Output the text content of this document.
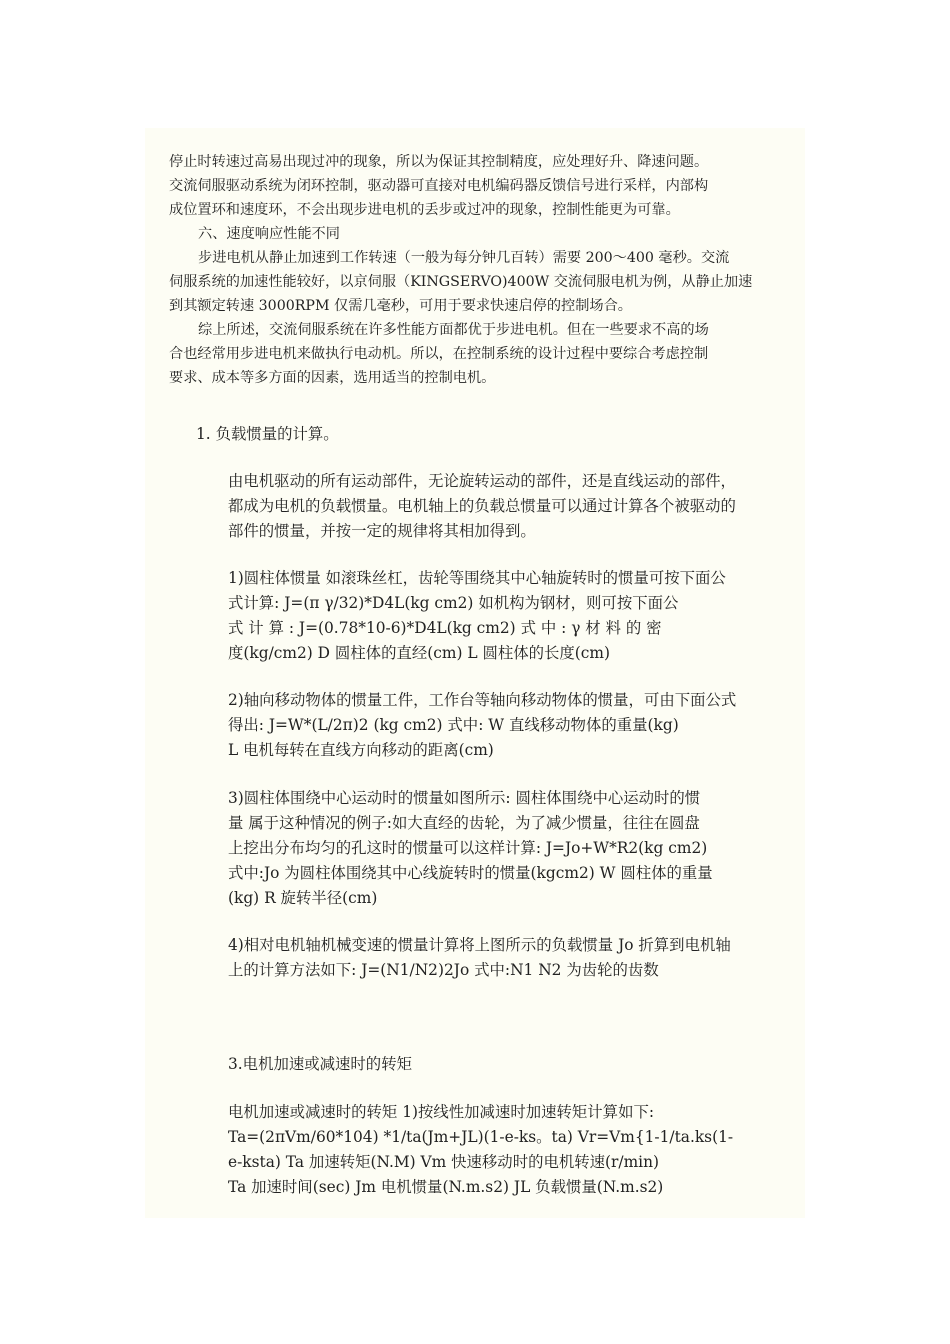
停止时转速过高易出现过冲的现象，所以为保证其控制精度，应处理好升、降速问题。

交流伺服驱动系统为闭环控制，驱动器可直接对电机编码器反馈信号进行采样，内部构

成位置环和速度环，不会出现步进电机的丢步或过冲的现象，控制性能更为可靠。

六、速度响应性能不同

步进电机从静止加速到工作转速（一般为每分钟几百转）需要 200～400 毫秒。交流

伺服系统的加速性能较好，以京伺服（KINGSERVO)400W 交流伺服电机为例，从静止加速

到其额定转速 3000RPM 仅需几毫秒，可用于要求快速启停的控制场合。

综上所述，交流伺服系统在许多性能方面都优于步进电机。但在一些要求不高的场

合也经常用步进电机来做执行电动机。所以，在控制系统的设计过程中要综合考虑控制

要求、成本等多方面的因素，选用适当的控制电机。

1. 负载惯量的计算。

由电机驱动的所有运动部件，无论旋转运动的部件，还是直线运动的部件，

都成为电机的负载惯量。电机轴上的负载总惯量可以通过计算各个被驱动的

部件的惯量，并按一定的规律将其相加得到。

1)圆柱体惯量 如滚珠丝杠，齿轮等围绕其中心轴旋转时的惯量可按下面公

式计算: J=(π γ/32)*D4L(kg cm2) 如机构为钢材，则可按下面公

式 计 算 : J=(0.78*10-6)*D4L(kg cm2) 式 中 : γ 材 料 的 密

度(kg/cm2) D 圆柱体的直经(cm) L 圆柱体的长度(cm)

2)轴向移动物体的惯量工件，工作台等轴向移动物体的惯量，可由下面公式

得出: J=W*(L/2π)2 (kg cm2) 式中: W 直线移动物体的重量(kg)

L 电机每转在直线方向移动的距离(cm)

3)圆柱体围绕中心运动时的惯量如图所示: 圆柱体围绕中心运动时的惯

量 属于这种情况的例子:如大直经的齿轮，为了减少惯量，往往在圆盘

上挖出分布均匀的孔这时的惯量可以这样计算: J=Jo+W*R2(kg cm2)

式中:Jo 为圆柱体围绕其中心线旋转时的惯量(kgcm2) W 圆柱体的重量

(kg) R 旋转半径(cm)

4)相对电机轴机械变速的惯量计算将上图所示的负载惯量 Jo 折算到电机轴

上的计算方法如下: J=(N1/N2)2Jo 式中:N1 N2 为齿轮的齿数

3.电机加速或减速时的转矩

电机加速或减速时的转矩 1)按线性加减速时加速转矩计算如下:

Ta=(2πVm/60*104) *1/ta(Jm+JL)(1-e-ks。ta) Vr=Vm{1-1/ta.ks(1-

e-ksta) Ta 加速转矩(N.M) Vm 快速移动时的电机转速(r/min)

Ta 加速时间(sec) Jm 电机惯量(N.m.s2) JL 负载惯量(N.m.s2)
